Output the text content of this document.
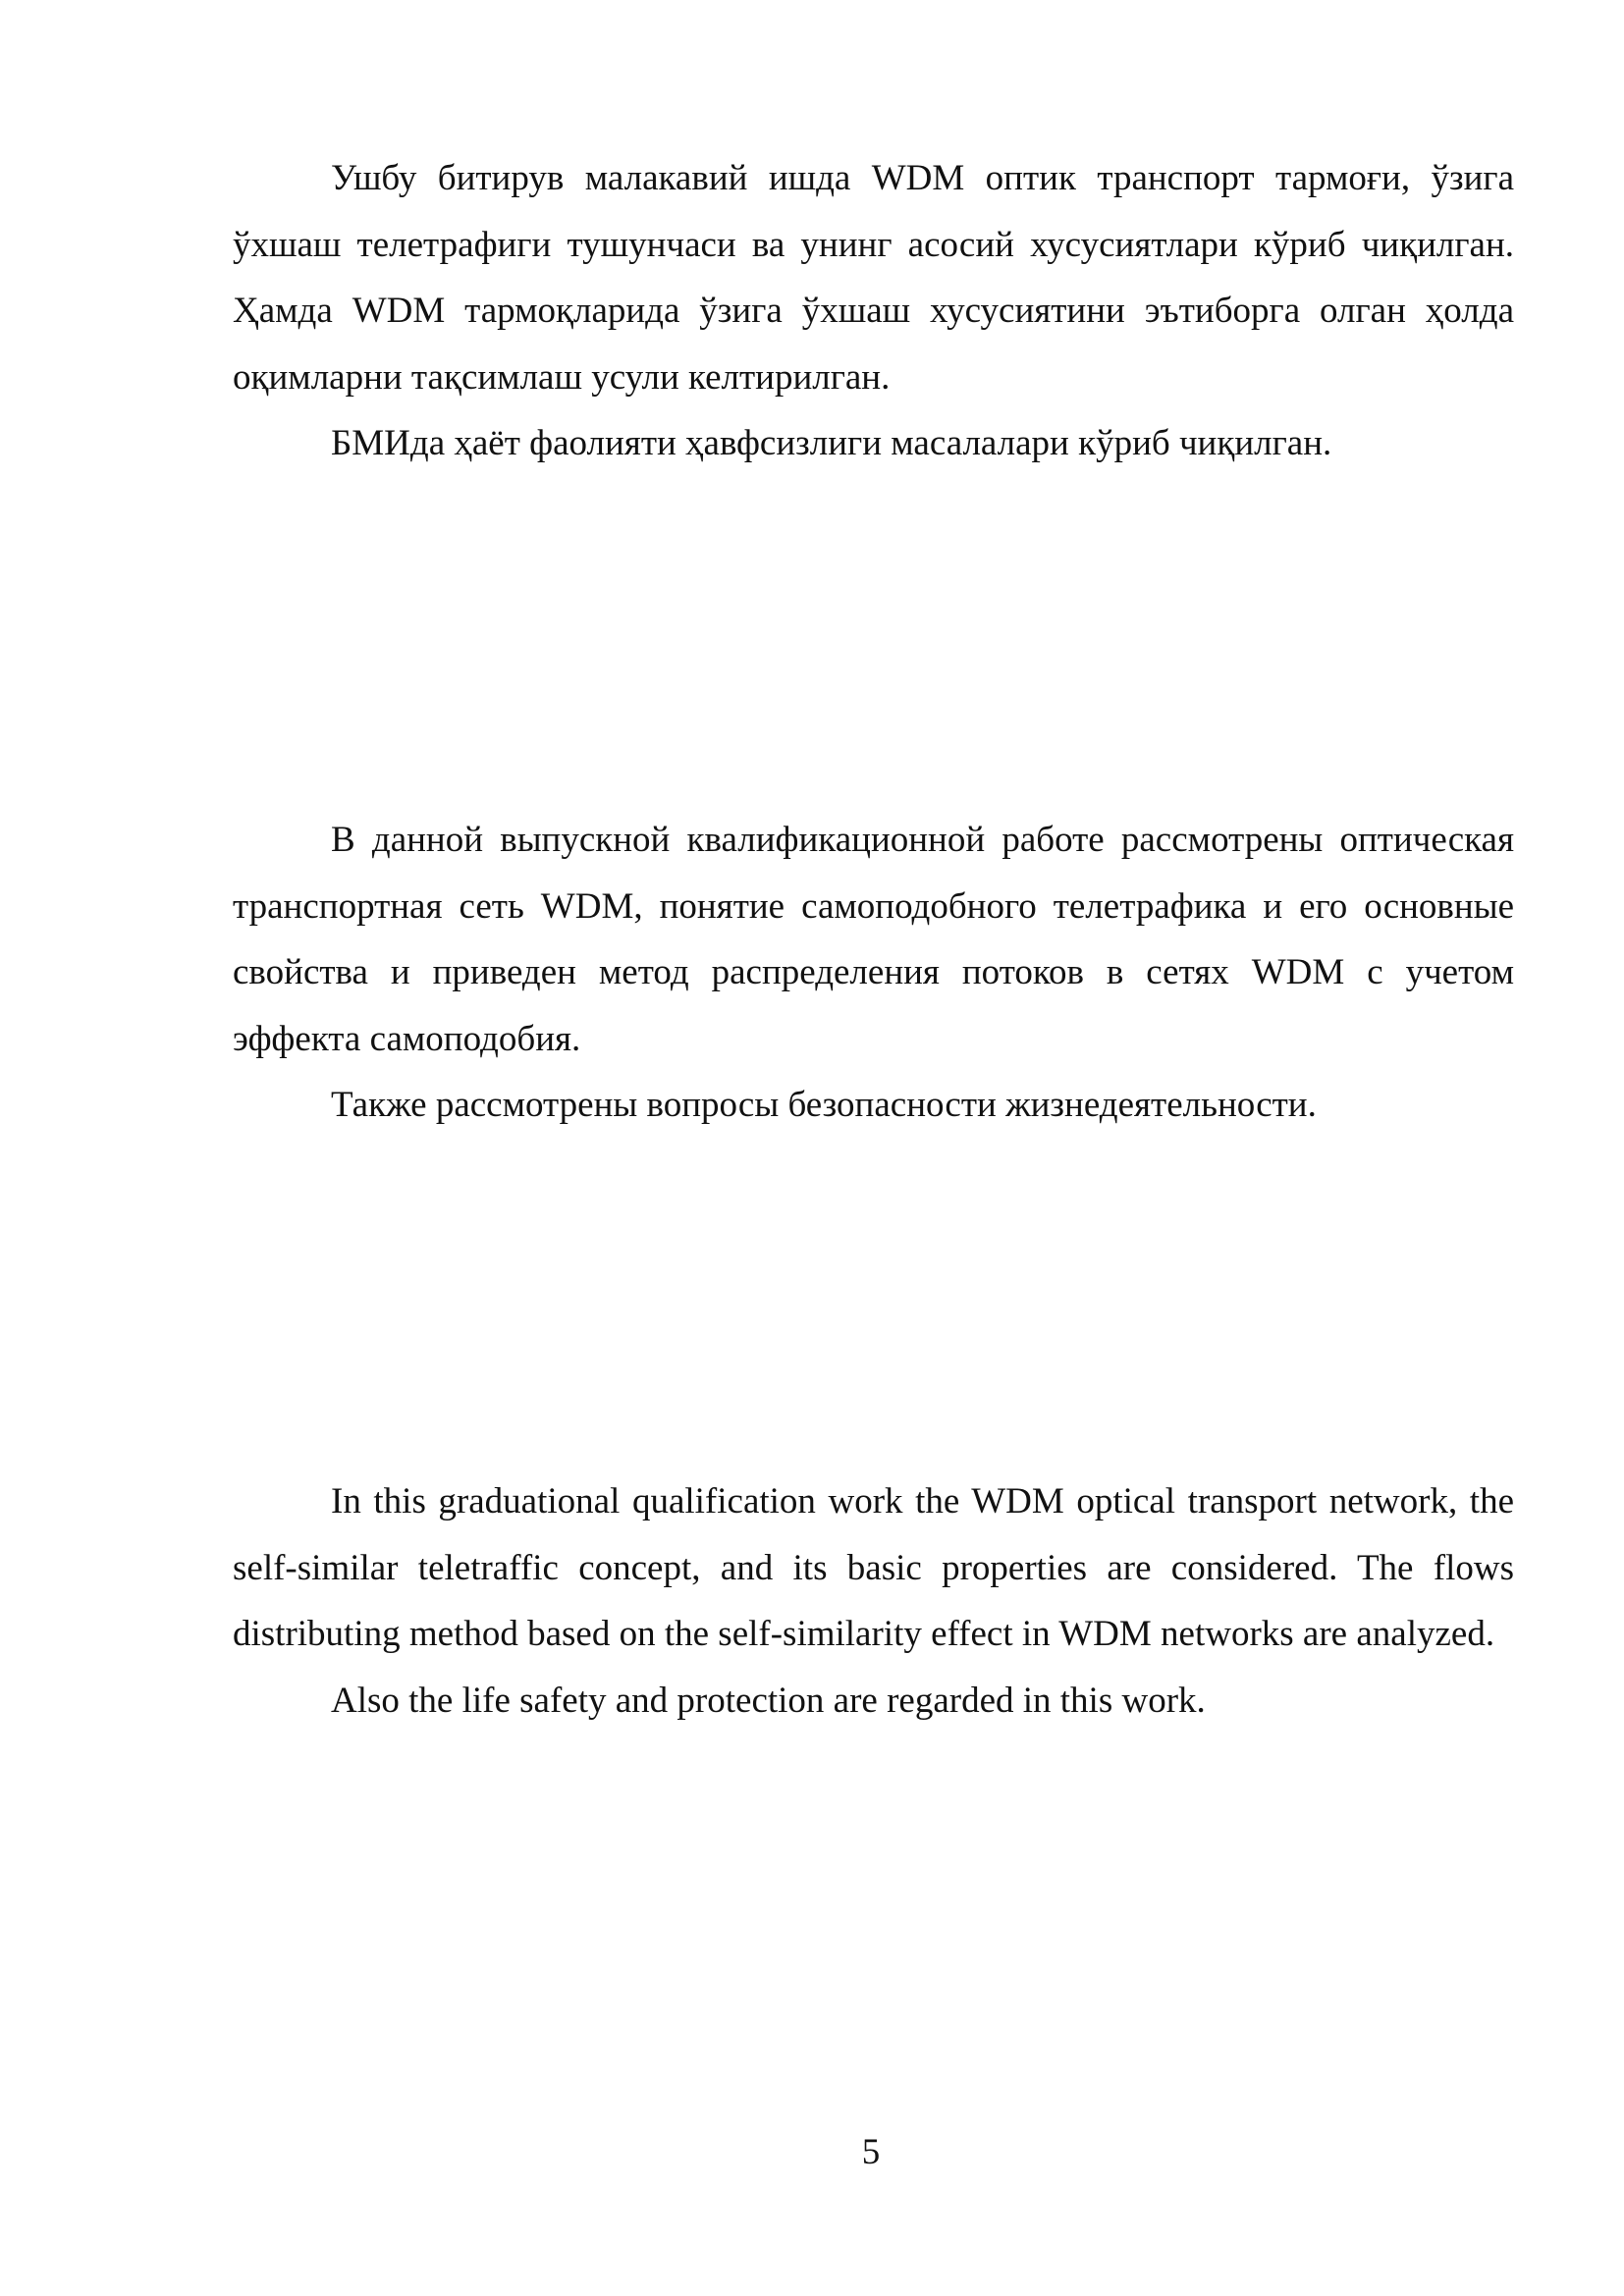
Ушбу битирув малакавий ишда WDM оптик транспорт тармоғи, ўзига ўхшаш телетрафиги тушунчаси ва унинг асосий хусусиятлари кўриб чиқилган. Ҳамда WDM тармоқларида ўзига ўхшаш хусусиятини эътиборга олган ҳолда оқимларни тақсимлаш усули келтирилган.

БМИда ҳаёт фаолияти ҳавфсизлиги масалалари кўриб чиқилган.

В данной выпускной квалификационной работе рассмотрены оптическая транспортная сеть WDM, понятие самоподобного телетрафика и его основные свойства и приведен метод распределения потоков в сетях WDM с учетом эффекта самоподобия.

Также рассмотрены вопросы безопасности жизнедеятельности.

In this graduational qualification work the WDM optical transport network, the self-similar teletraffic concept, and its basic properties are considered. The flows distributing method based on the self-similarity effect in WDM networks are analyzed.

Also the life safety and protection are regarded in this work.

5
